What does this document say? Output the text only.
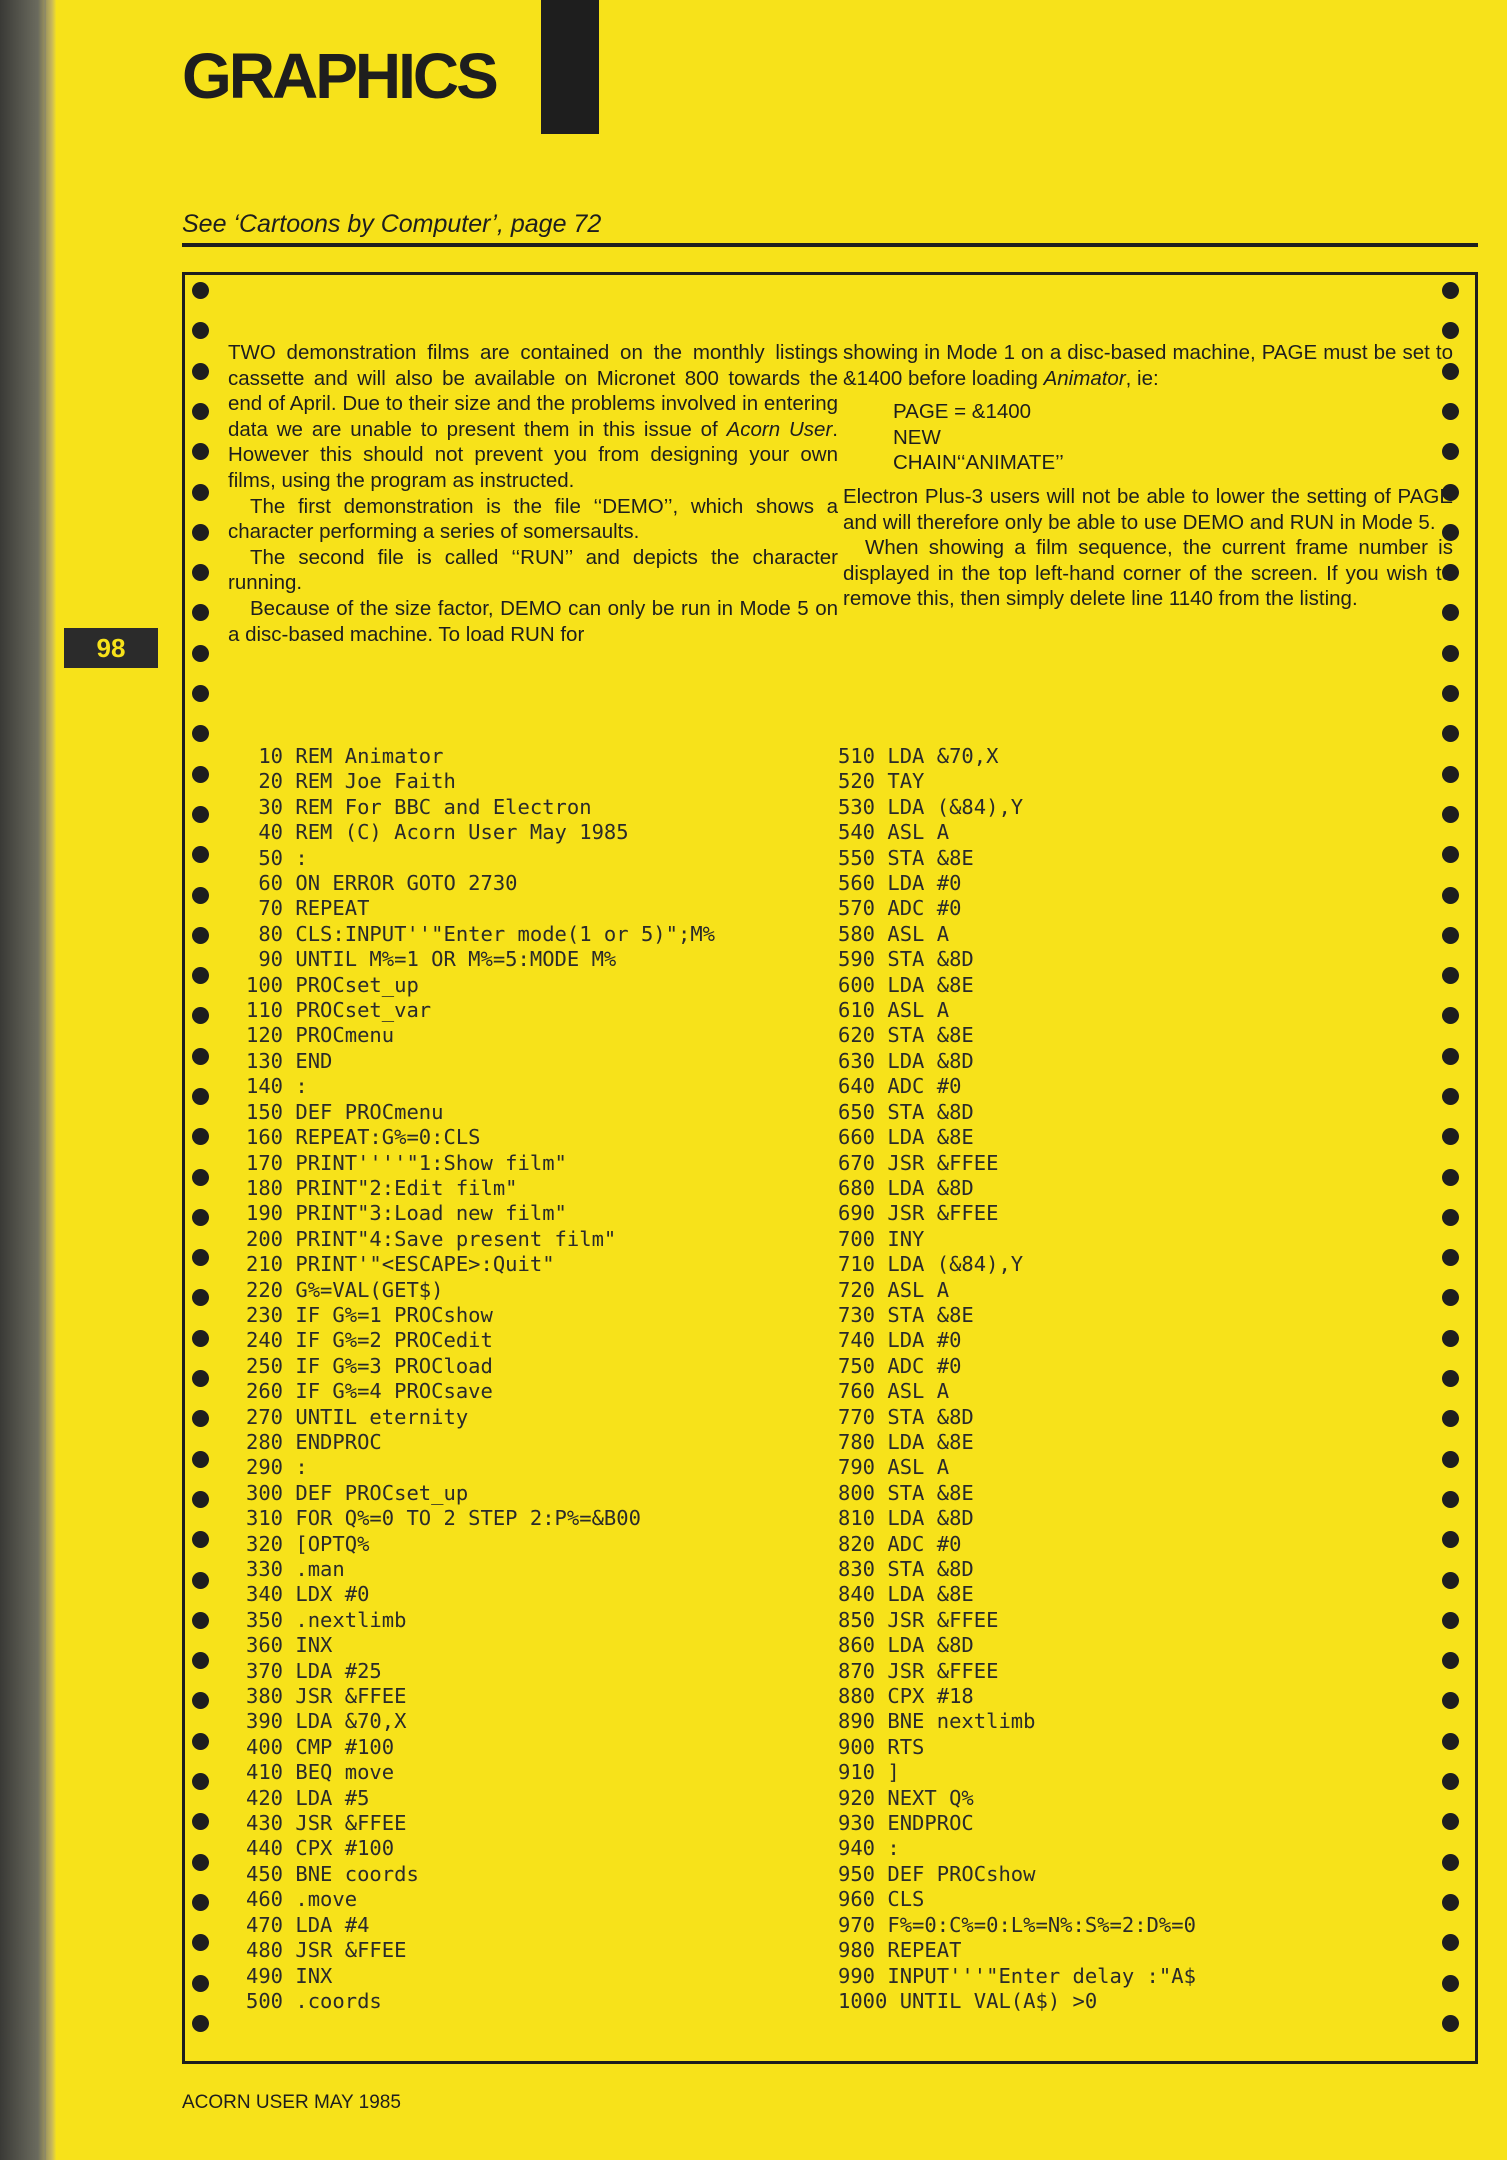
GRAPHICS
98
See ‘Cartoons by Computer’, page 72

TWO demonstration films are contained on the monthly listings cassette and will also be available on Micronet 800 towards the end of April. Due to their size and the problems involved in entering data we are unable to present them in this issue of Acorn User. However this should not prevent you from designing your own films, using the program as instructed.

The first demonstration is the file ‘‘DEMO’’, which shows a character performing a series of somersaults.

The second file is called ‘‘RUN’’ and depicts the character running.

Because of the size factor, DEMO can only be run in Mode 5 on a disc-based machine. To load RUN for

showing in Mode 1 on a disc-based machine, PAGE must be set to &1400 before loading Animator, ie:

PAGE = &1400
NEW
CHAIN‘‘ANIMATE’’

Electron Plus-3 users will not be able to lower the setting of PAGE and will therefore only be able to use DEMO and RUN in Mode 5.

When showing a film sequence, the current frame number is displayed in the top left-hand corner of the screen. If you wish to remove this, then simply delete line 1140 from the listing.

10 REM Animator
20 REM Joe Faith
30 REM For BBC and Electron
40 REM (C) Acorn User May 1985
50 :
60 ON ERROR GOTO 2730
70 REPEAT
80 CLS:INPUT''"Enter mode(1 or 5)";M%
90 UNTIL M%=1 OR M%=5:MODE M%
100 PROCset_up
110 PROCset_var
120 PROCmenu
130 END
140 :
150 DEF PROCmenu
160 REPEAT:G%=0:CLS
170 PRINT''''"1:Show film"
180 PRINT"2:Edit film"
190 PRINT"3:Load new film"
200 PRINT"4:Save present film"
210 PRINT'"<ESCAPE>:Quit"
220 G%=VAL(GET$)
230 IF G%=1 PROCshow
240 IF G%=2 PROCedit
250 IF G%=3 PROCload
260 IF G%=4 PROCsave
270 UNTIL eternity
280 ENDPROC
290 :
300 DEF PROCset_up
310 FOR Q%=0 TO 2 STEP 2:P%=&B00
320 [OPTQ%
330 .man
340 LDX #0
350 .nextlimb
360 INX
370 LDA #25
380 JSR &FFEE
390 LDA &70,X
400 CMP #100
410 BEQ move
420 LDA #5
430 JSR &FFEE
440 CPX #100
450 BNE coords
460 .move
470 LDA #4
480 JSR &FFEE
490 INX
500 .coords
510 LDA &70,X
520 TAY
530 LDA (&84),Y
540 ASL A
550 STA &8E
560 LDA #0
570 ADC #0
580 ASL A
590 STA &8D
600 LDA &8E
610 ASL A
620 STA &8E
630 LDA &8D
640 ADC #0
650 STA &8D
660 LDA &8E
670 JSR &FFEE
680 LDA &8D
690 JSR &FFEE
700 INY
710 LDA (&84),Y
720 ASL A
730 STA &8E
740 LDA #0
750 ADC #0
760 ASL A
770 STA &8D
780 LDA &8E
790 ASL A
800 STA &8E
810 LDA &8D
820 ADC #0
830 STA &8D
840 LDA &8E
850 JSR &FFEE
860 LDA &8D
870 JSR &FFEE
880 CPX #18
890 BNE nextlimb
900 RTS
910 ]
920 NEXT Q%
930 ENDPROC
940 :
950 DEF PROCshow
960 CLS
970 F%=0:C%=0:L%=N%:S%=2:D%=0
980 REPEAT
990 INPUT'''"Enter delay :"A$
1000 UNTIL VAL(A$) >0
ACORN USER MAY 1985
